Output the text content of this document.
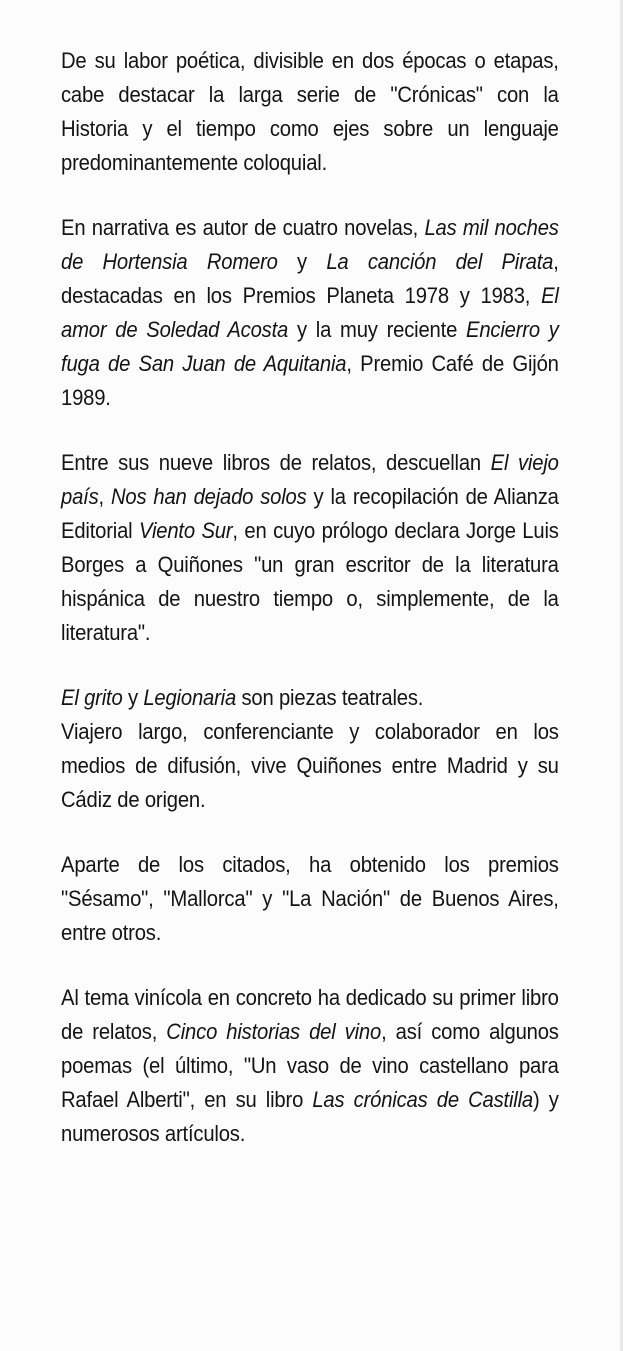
De su labor poética, divisible en dos épocas o etapas, cabe destacar la larga serie de "Crónicas" con la Historia y el tiempo como ejes sobre un lenguaje predominantemente coloquial.

En narrativa es autor de cuatro novelas, Las mil noches de Hortensia Romero y La canción del Pirata, destacadas en los Premios Planeta 1978 y 1983, El amor de Soledad Acosta y la muy reciente Encierro y fuga de San Juan de Aquitania, Premio Café de Gijón 1989.

Entre sus nueve libros de relatos, descuellan El viejo país, Nos han dejado solos y la recopilación de Alianza Editorial Viento Sur, en cuyo prólogo declara Jorge Luis Borges a Quiñones "un gran escritor de la literatura hispánica de nuestro tiempo o, simplemente, de la literatura".

El grito y Legionaria son piezas teatrales.

Viajero largo, conferenciante y colaborador en los medios de difusión, vive Quiñones entre Madrid y su Cádiz de origen.

Aparte de los citados, ha obtenido los premios "Sésamo", "Mallorca" y "La Nación" de Buenos Aires, entre otros.

Al tema vinícola en concreto ha dedicado su primer libro de relatos, Cinco historias del vino, así como algunos poemas (el último, "Un vaso de vino castellano para Rafael Alberti", en su libro Las crónicas de Castilla) y numerosos artículos.
